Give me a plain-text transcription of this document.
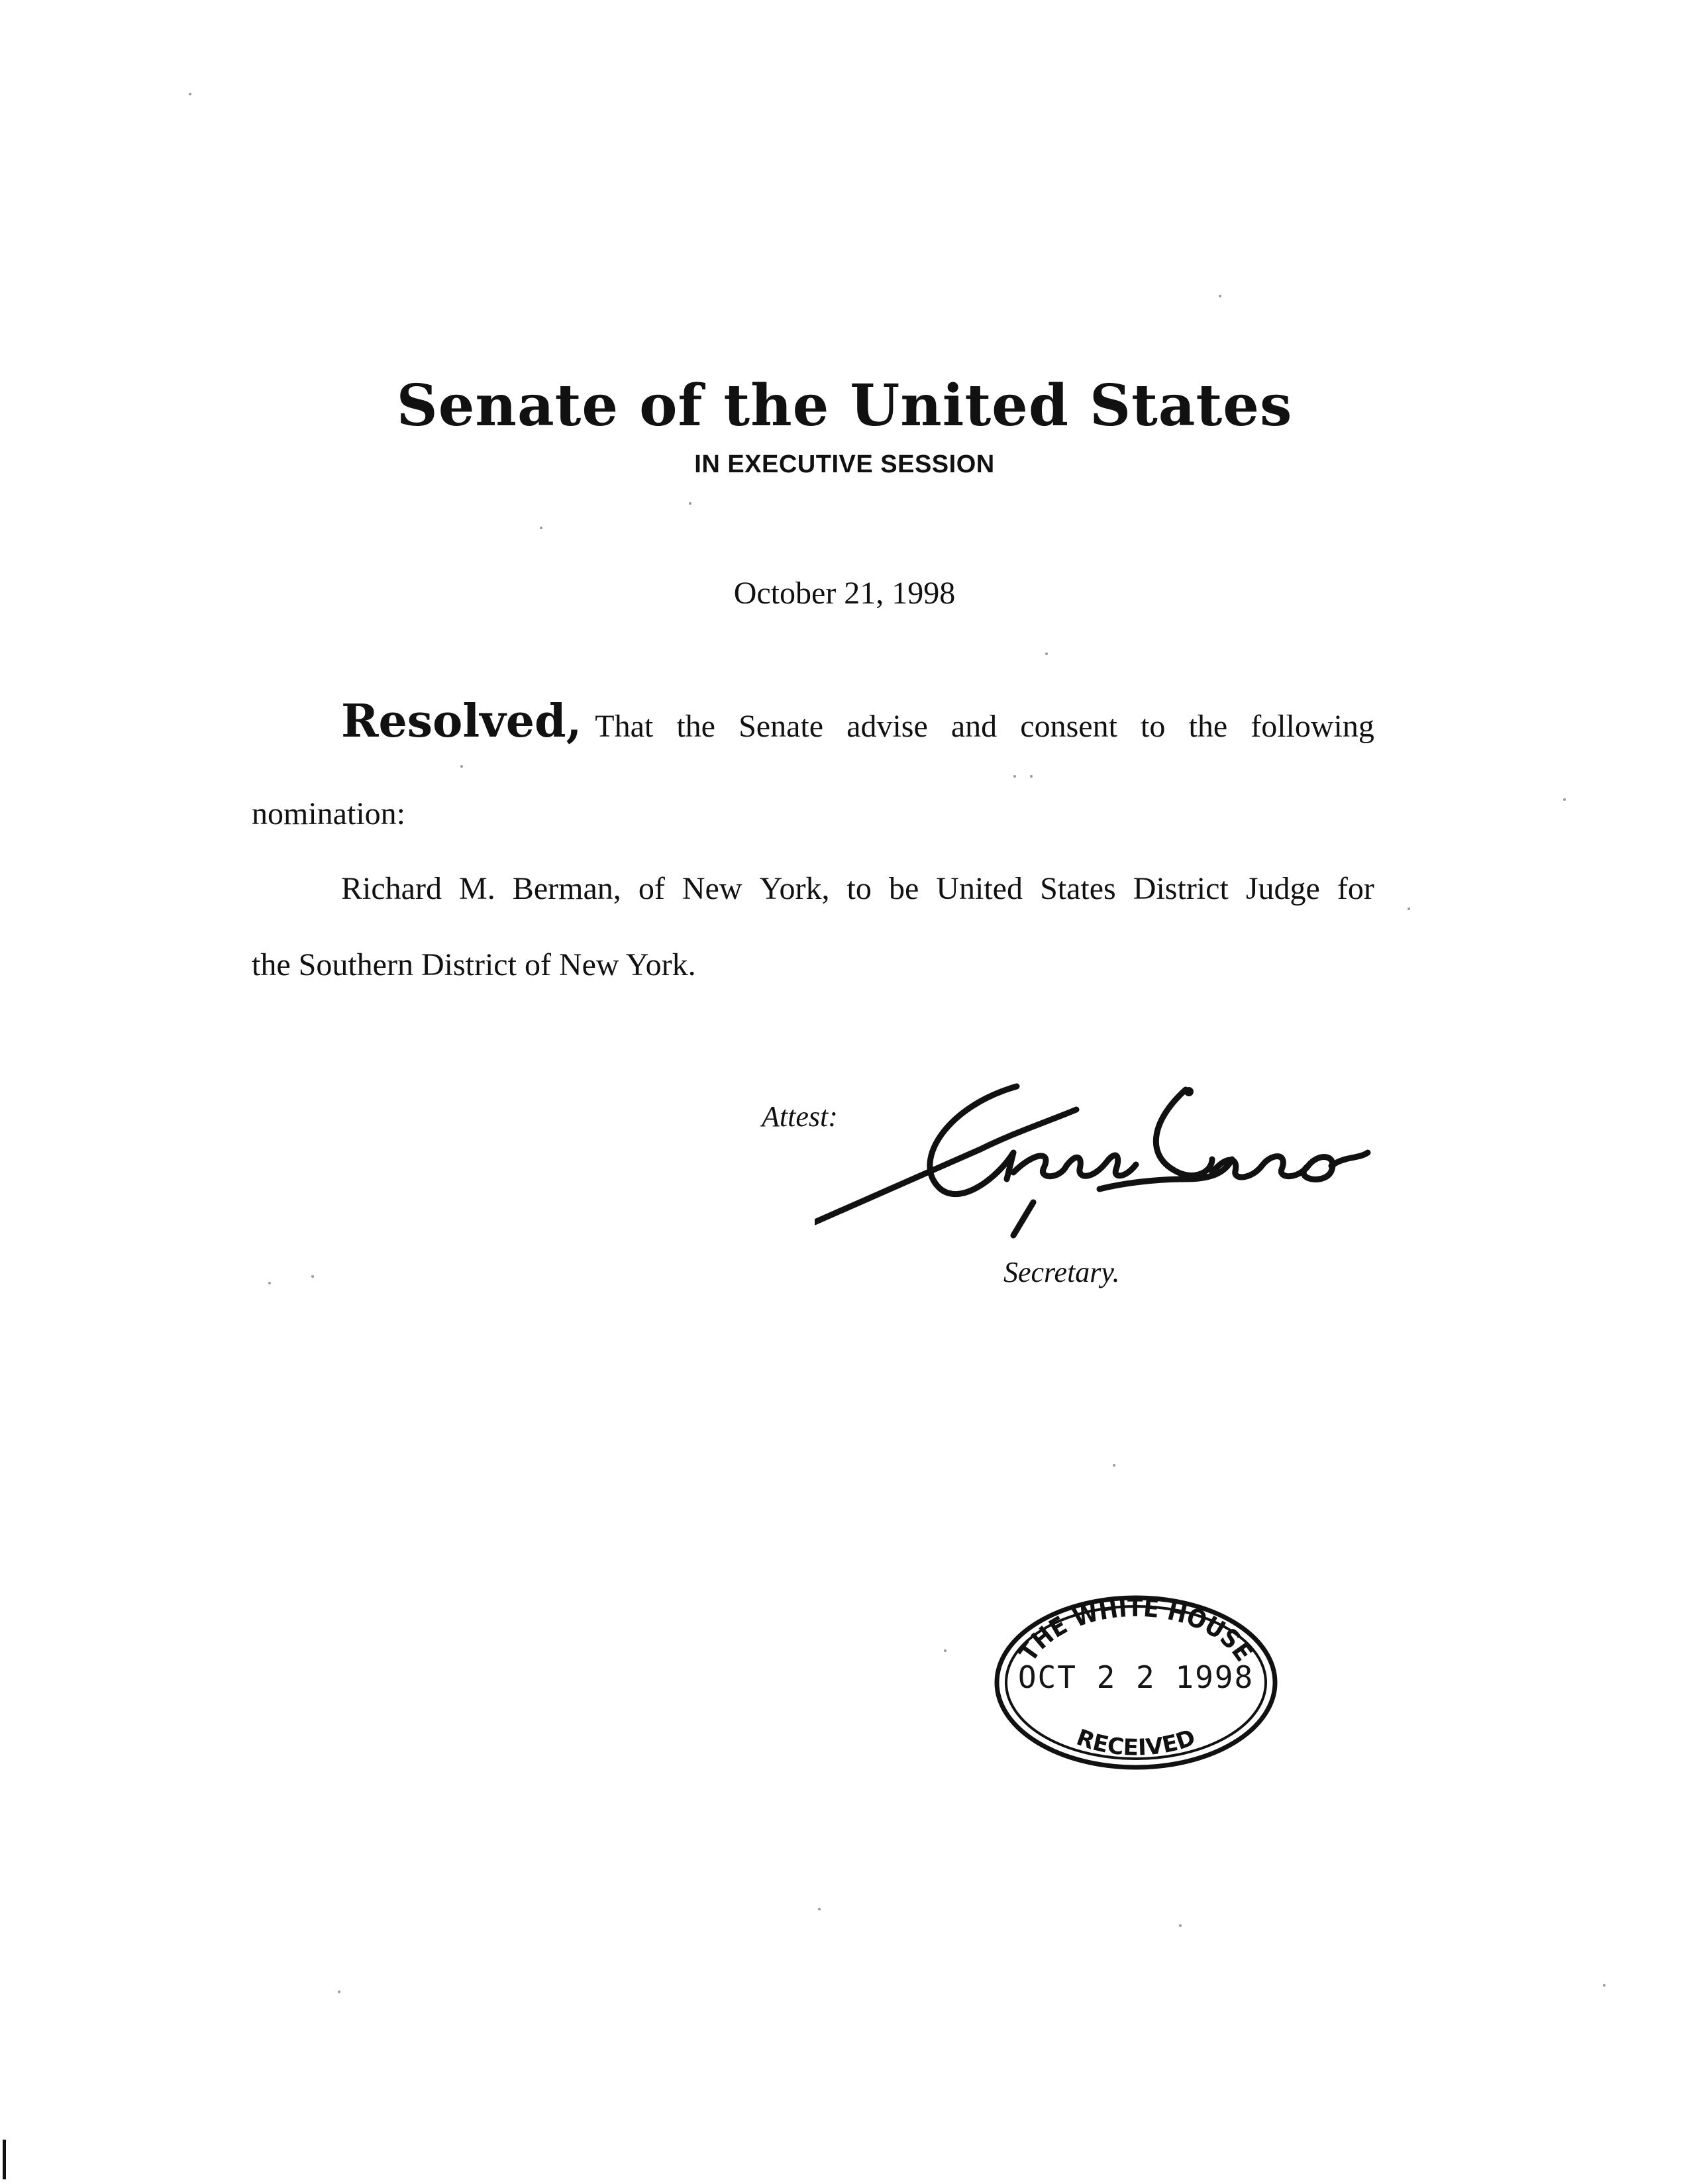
Senate of the United States
IN EXECUTIVE SESSION
October 21, 1998
Resolved, That the Senate advise and consent to the following
nomination:
Richard M. Berman, of New York, to be United States District Judge for
the Southern District of New York.
Attest:
Secretary.
THE WHITE HOUSE
RECEIVED
OCT 2 2 1998
